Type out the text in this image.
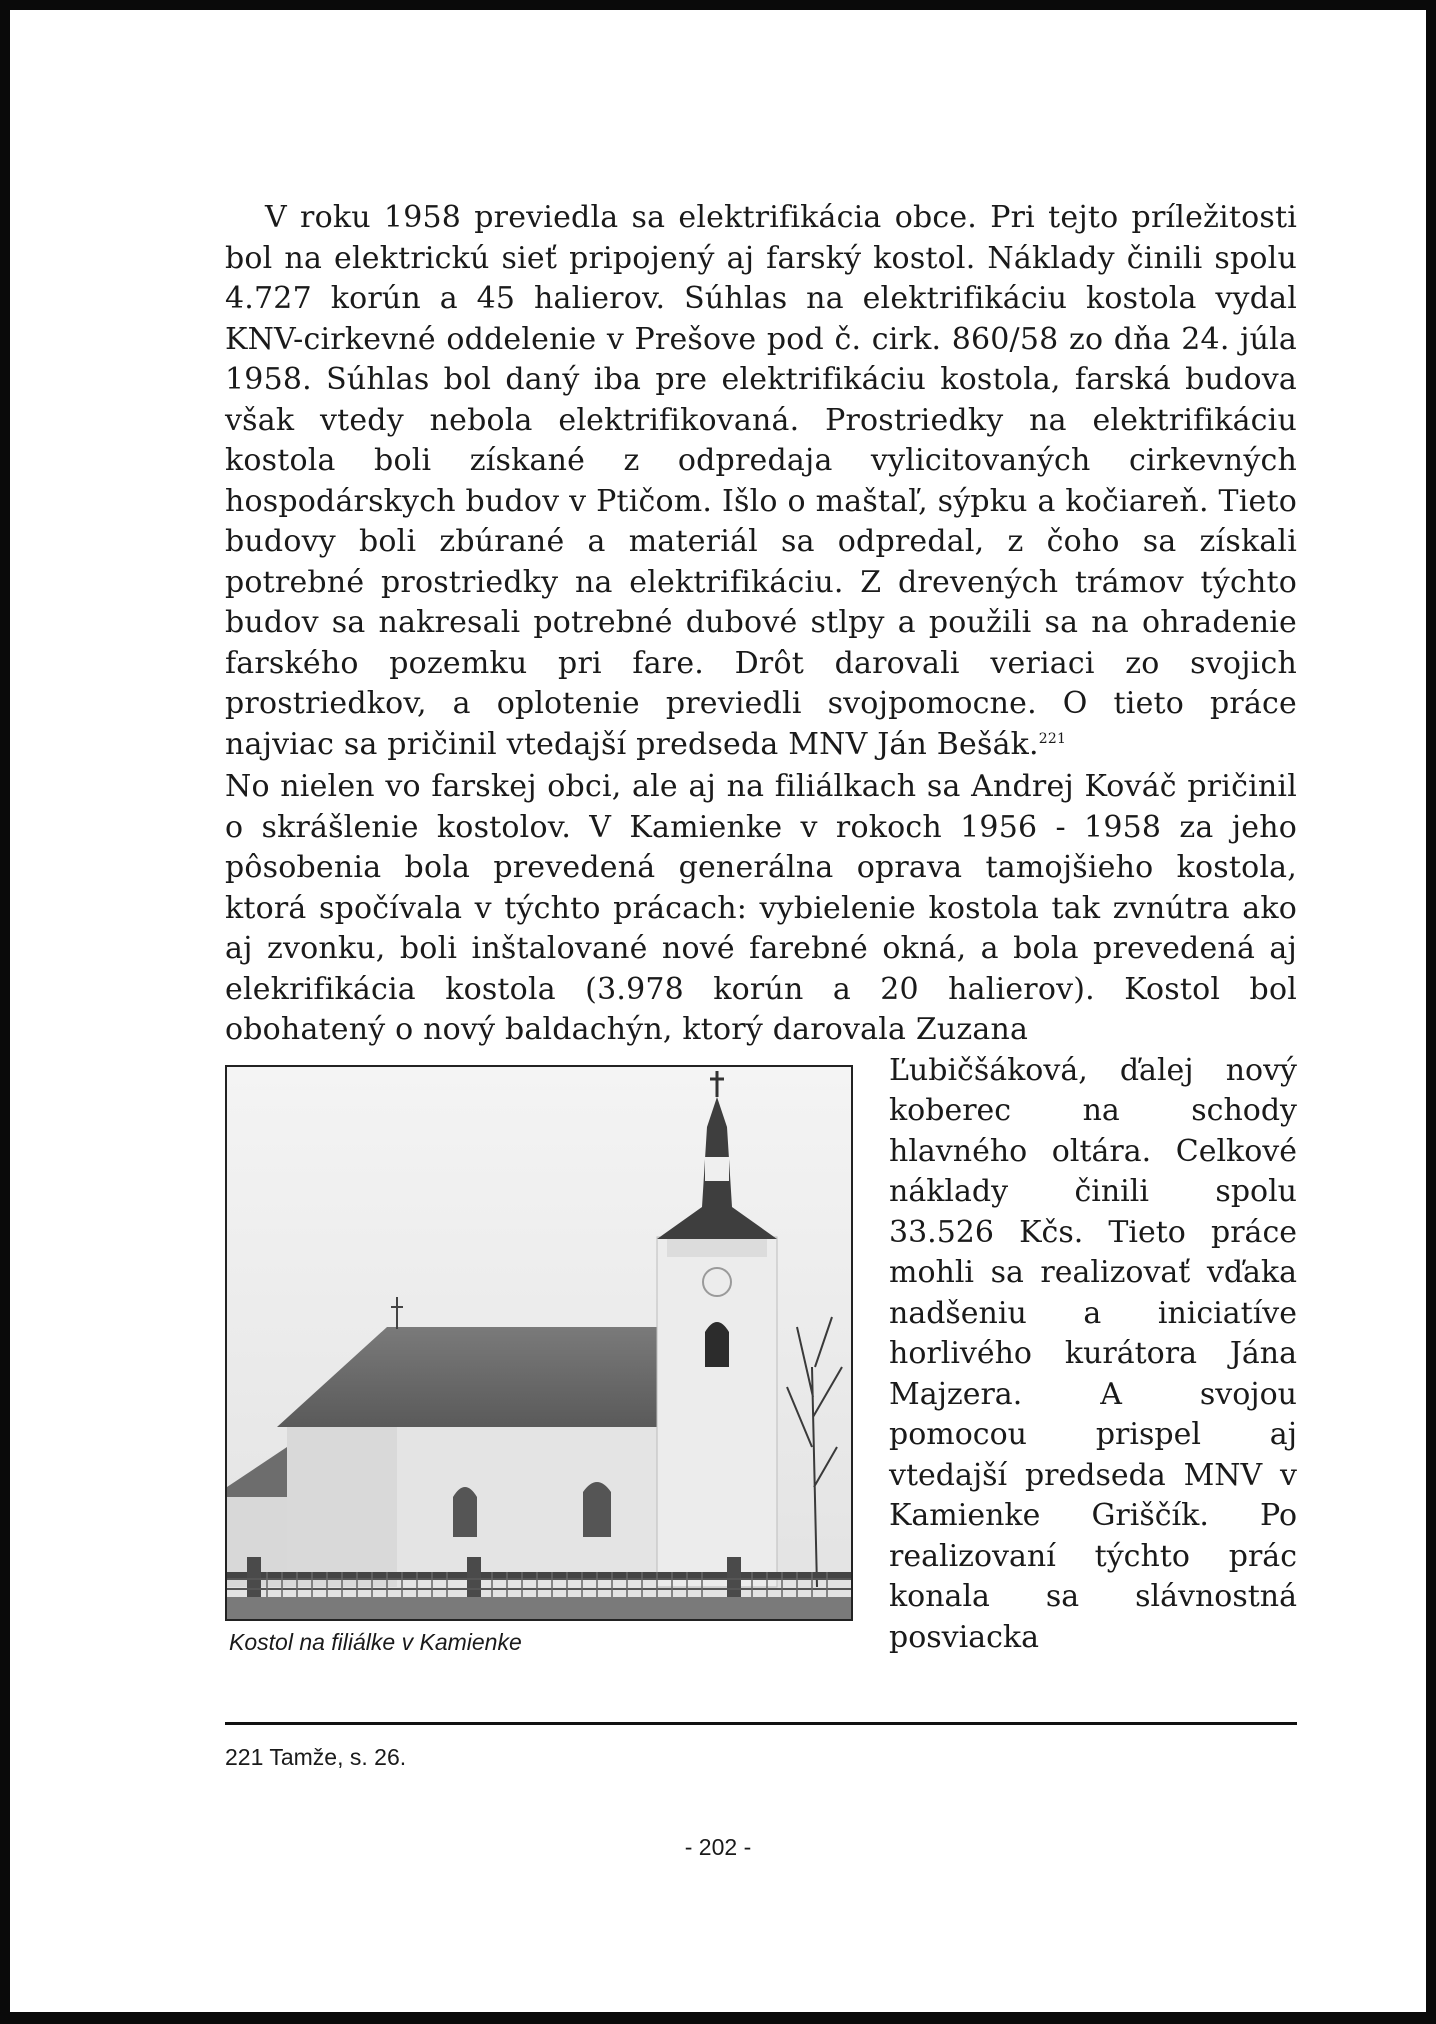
V roku 1958 previedla sa elektrifikácia obce. Pri tejto príležitosti bol na elektrickú sieť pripojený aj farský kostol. Náklady činili spolu 4.727 korún a 45 halierov. Súhlas na elektrifikáciu kostola vydal KNV-cirkevné oddelenie v Prešove pod č. cirk. 860/58 zo dňa 24. júla 1958. Súhlas bol daný iba pre elektrifikáciu kostola, farská budova však vtedy nebola elektrifikovaná. Prostriedky na elektrifikáciu kostola boli získané z odpredaja vylicitovaných cirkevných hospodárskych budov v Ptičom. Išlo o maštaľ, sýpku a kočiareň. Tieto budovy boli zbúrané a materiál sa odpredal, z čoho sa získali potrebné prostriedky na elektrifikáciu. Z drevených trámov týchto budov sa nakresali potrebné dubové stlpy a použili sa na ohradenie farského pozemku pri fare. Drôt darovali veriaci zo svojich prostriedkov, a oplotenie previedli svojpomocne. O tieto práce najviac sa pričinil vtedajší predseda MNV Ján Bešák.$^{221}$

No nielen vo farskej obci, ale aj na filiálkach sa Andrej Kováč pričinil o skrášlenie kostolov. V Kamienke v rokoch 1956 - 1958 za jeho pôsobenia bola prevedená generálna oprava tamojšieho kostola, ktorá spočívala v týchto prácach: vybielenie kostola tak zvnútra ako aj zvonku, boli inštalované nové farebné okná, a bola prevedená aj elekrifikácia kostola (3.978 korún a 20 halierov). Kostol bol obohatený o nový baldachýn, ktorý darovala Zuzana

Kostol na filiálke v Kamienke
Ľubičšáková, ďalej nový koberec na schody hlavného oltára. Celkové náklady činili spolu 33.526 Kčs. Tieto práce mohli sa realizovať vďaka nadšeniu a iniciatíve horlivého kurátora Jána Majzera. A svojou pomocou prispel aj vtedajší predseda MNV v Kamienke Griščík. Po realizovaní týchto prác konala sa slávnostná posviacka
221 Tamže, s. 26.
- 202 -
